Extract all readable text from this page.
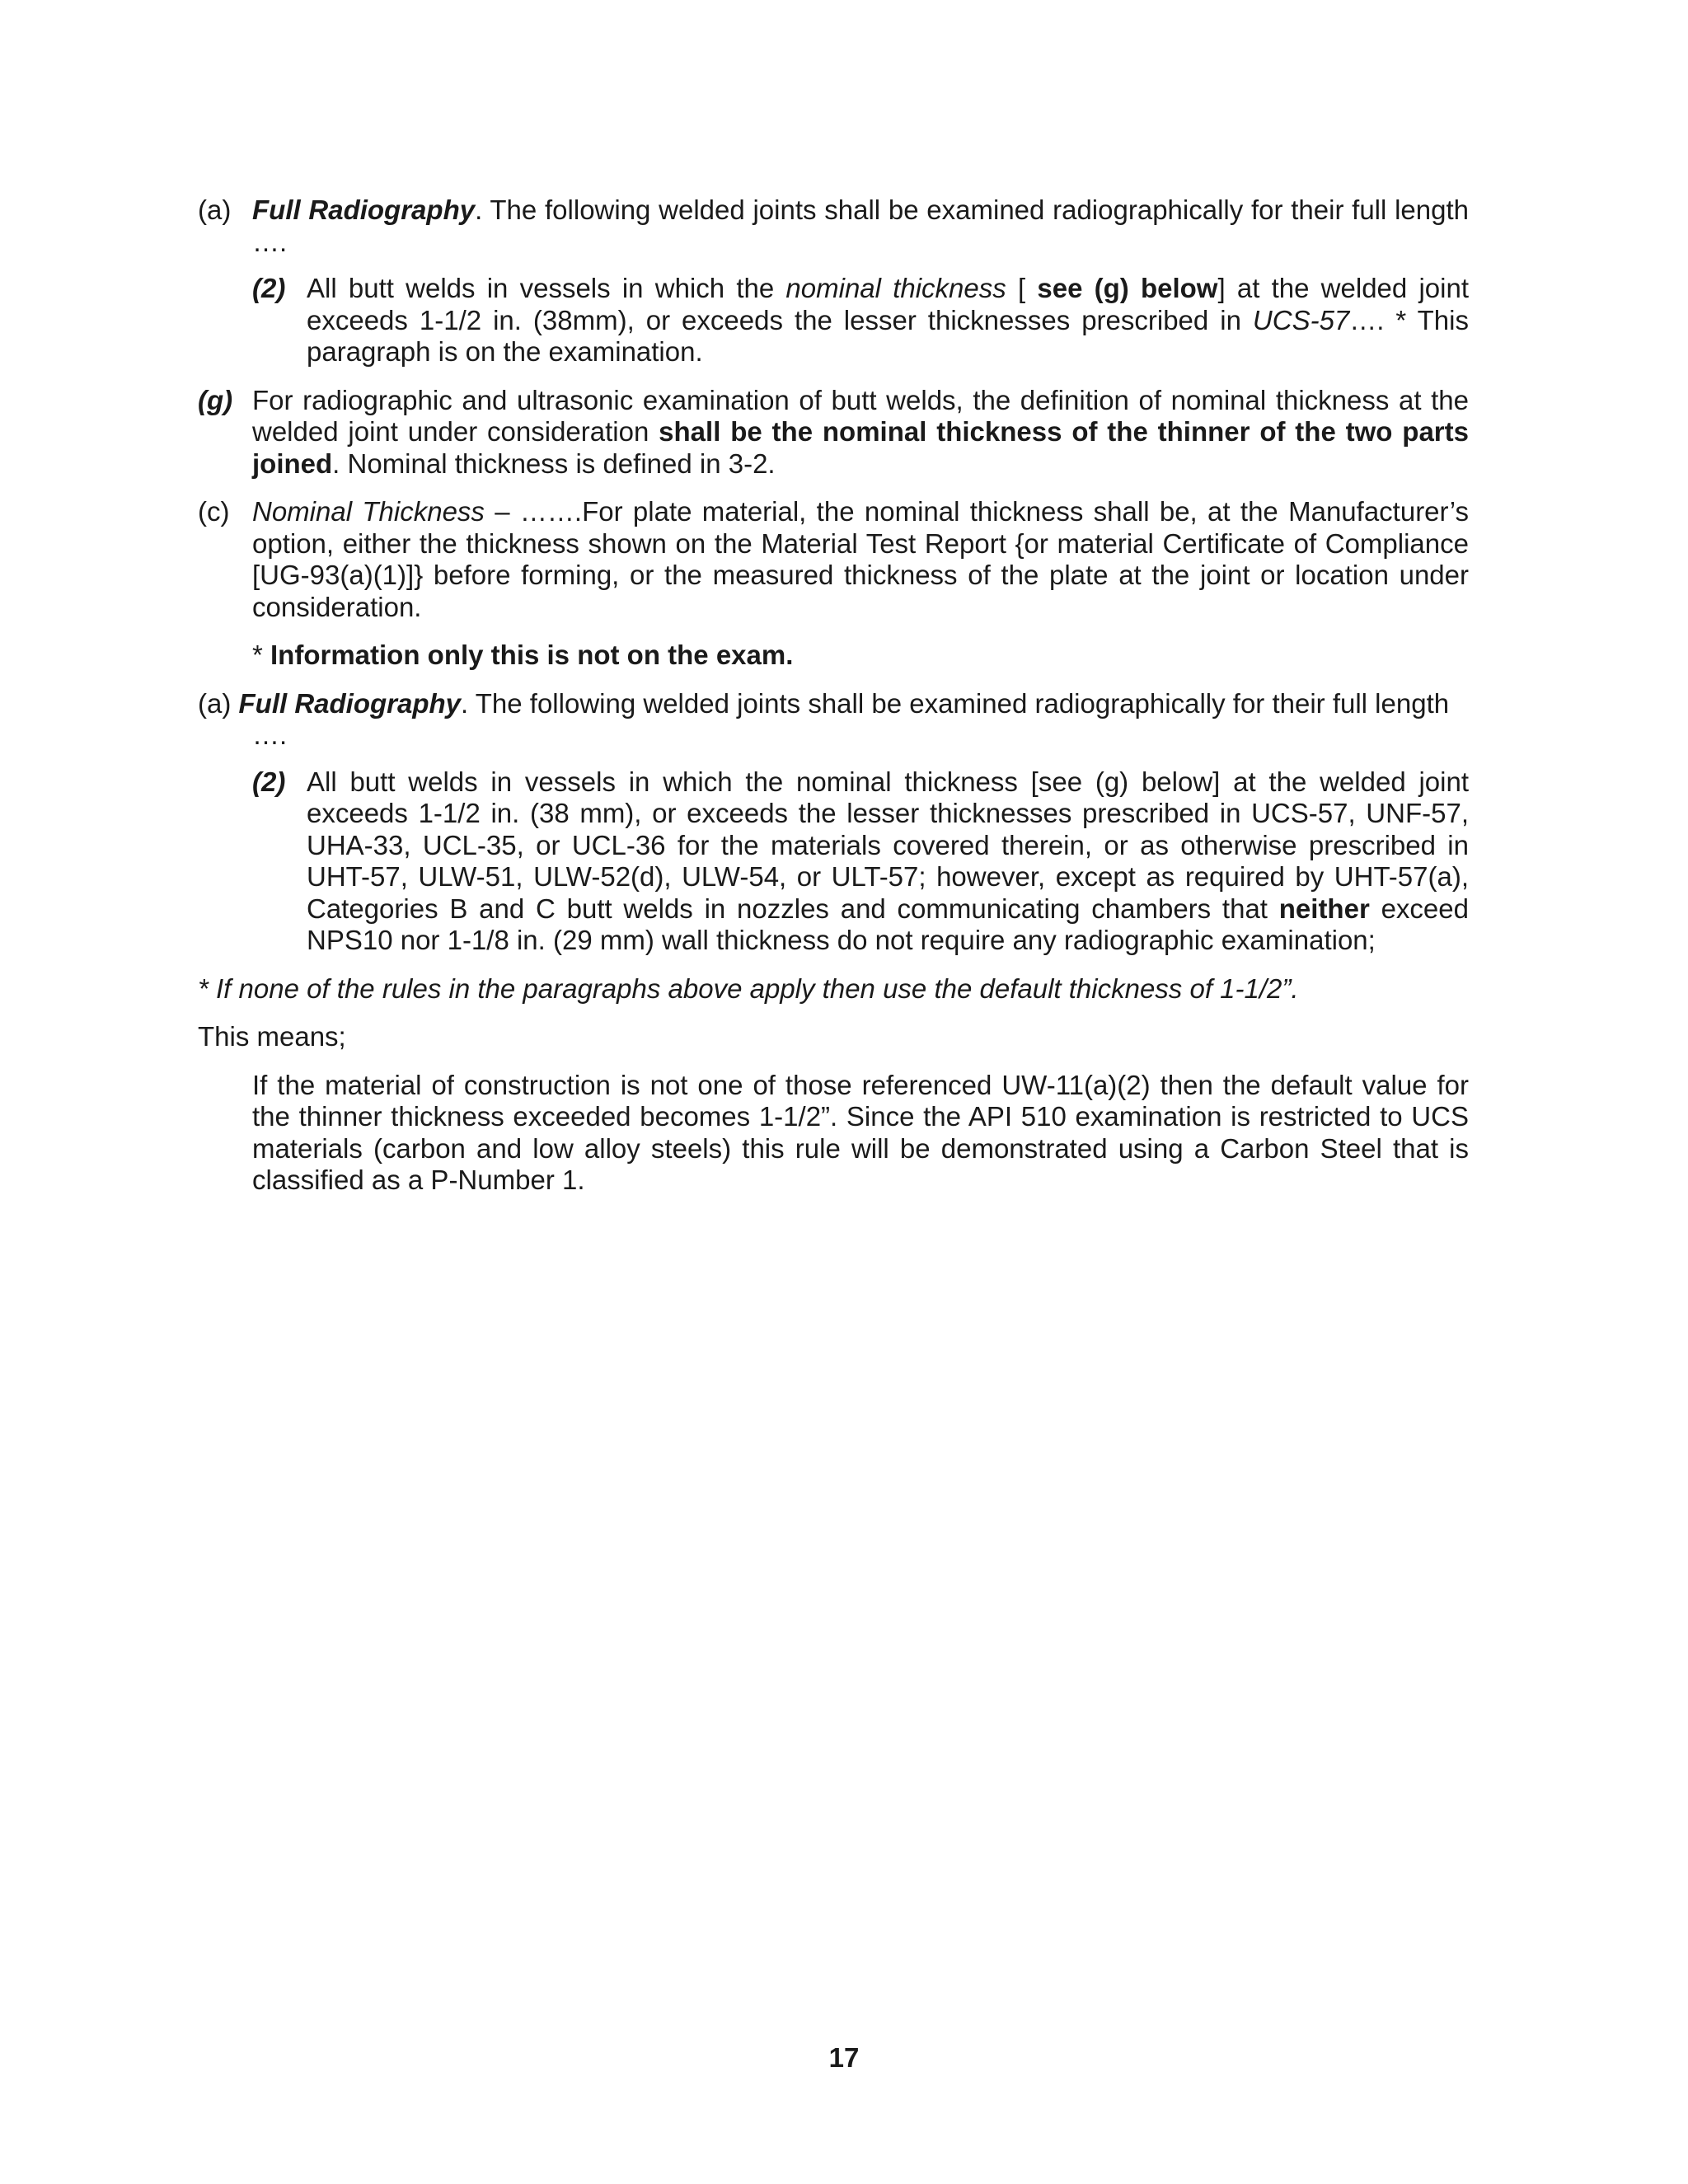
(a) Full Radiography. The following welded joints shall be examined radiographically for their full length ….
(2) All butt welds in vessels in which the nominal thickness [ see (g) below] at the welded joint exceeds 1-1/2 in. (38mm), or exceeds the lesser thicknesses prescribed in UCS-57…. * This paragraph is on the examination.
(g) For radiographic and ultrasonic examination of butt welds, the definition of nominal thickness at the welded joint under consideration shall be the nominal thickness of the thinner of the two parts joined. Nominal thickness is defined in 3-2.
(c) Nominal Thickness – …….For plate material, the nominal thickness shall be, at the Manufacturer’s option, either the thickness shown on the Material Test Report {or material Certificate of Compliance [UG-93(a)(1)]} before forming, or the measured thickness of the plate at the joint or location under consideration.
* Information only this is not on the exam.
(a) Full Radiography. The following welded joints shall be examined radiographically for their full length
….
(2) All butt welds in vessels in which the nominal thickness [see (g) below] at the welded joint exceeds 1-1/2 in. (38 mm), or exceeds the lesser thicknesses prescribed in UCS-57, UNF-57, UHA-33, UCL-35, or UCL-36 for the materials covered therein, or as otherwise prescribed in UHT-57, ULW-51, ULW-52(d), ULW-54, or ULT-57; however, except as required by UHT-57(a), Categories B and C butt welds in nozzles and communicating chambers that neither exceed NPS10 nor 1-1/8 in. (29 mm) wall thickness do not require any radiographic examination;
* If none of the rules in the paragraphs above apply then use the default thickness of 1-1/2”.
This means;
If the material of construction is not one of those referenced UW-11(a)(2) then the default value for the thinner thickness exceeded becomes 1-1/2”. Since the API 510 examination is restricted to UCS materials (carbon and low alloy steels) this rule will be demonstrated using a Carbon Steel that is classified as a P-Number 1.
17
